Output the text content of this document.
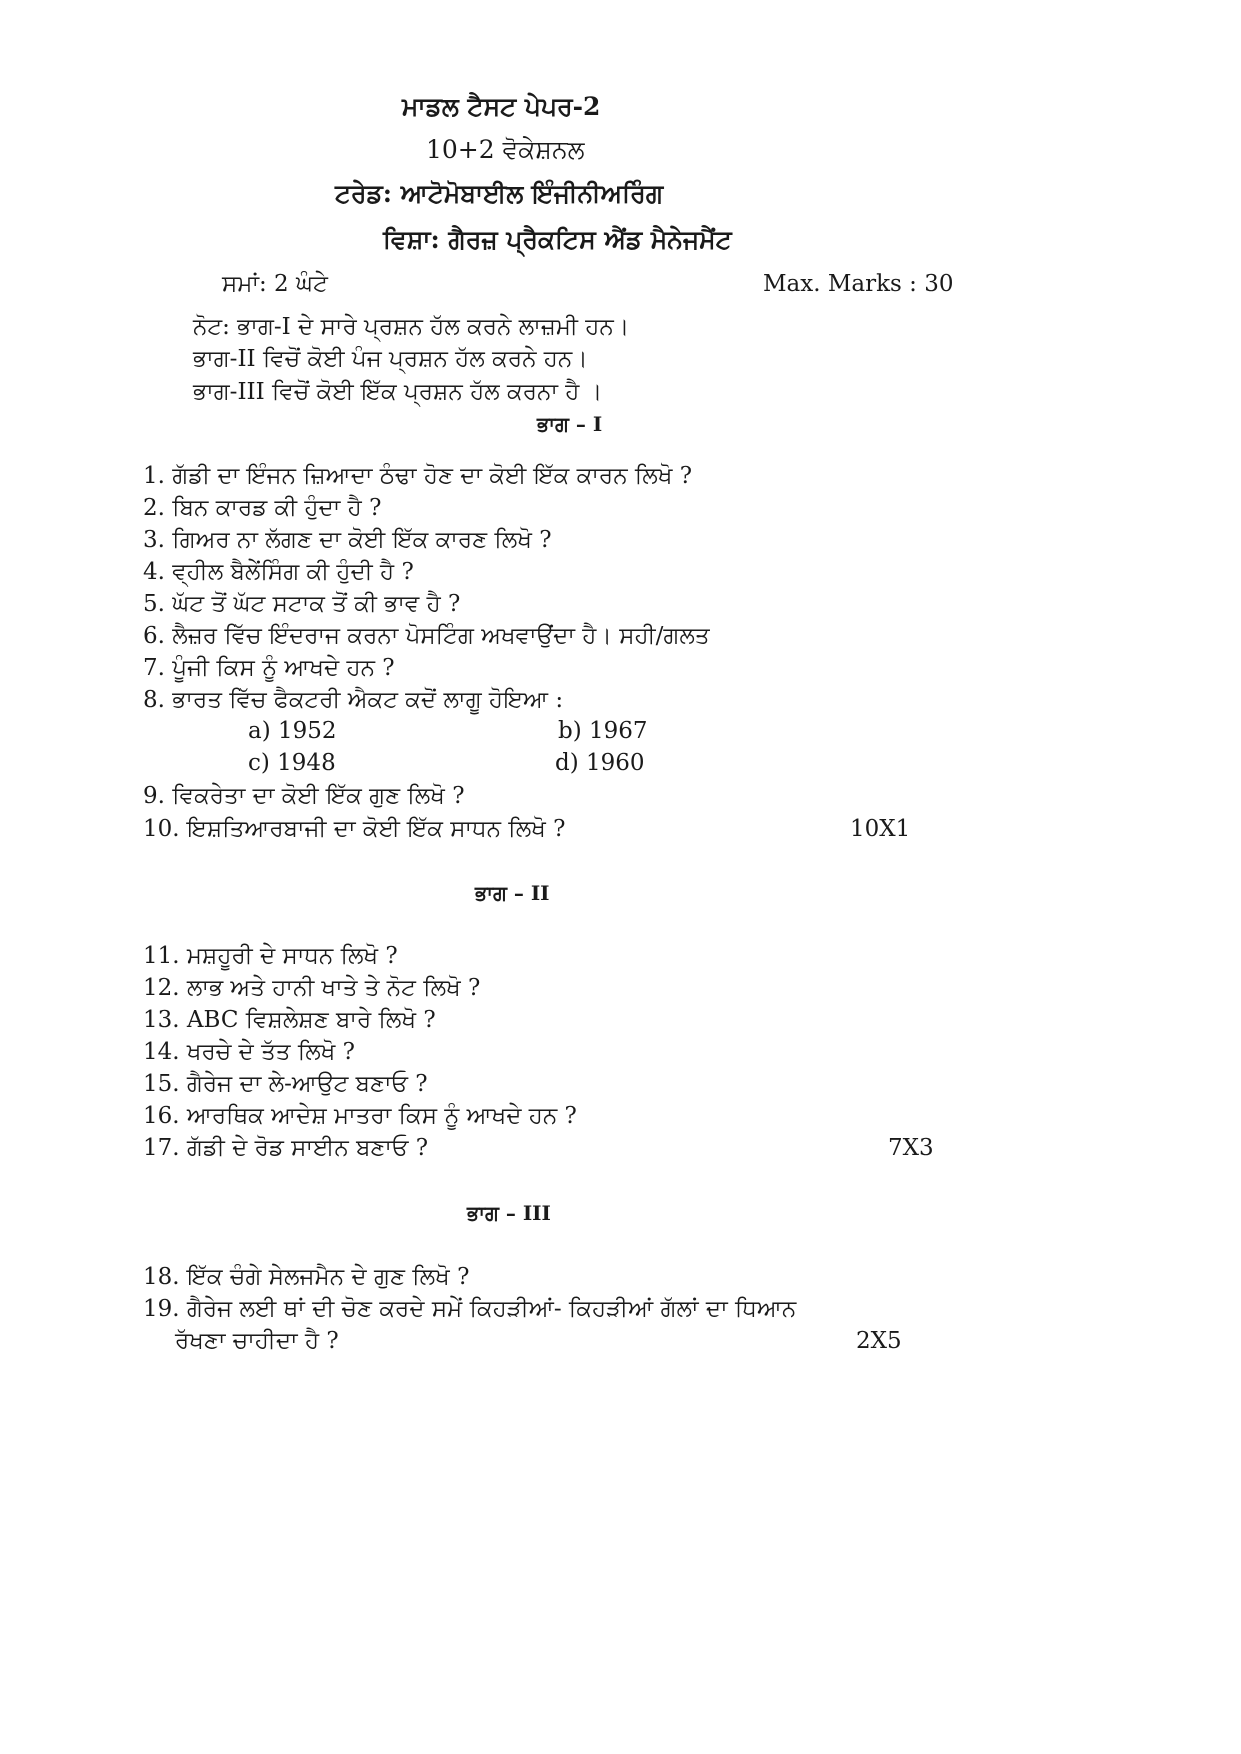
ਮਾਡਲ ਟੈਸਟ ਪੇਪਰ-2
10+2 ਵੋਕੇਸ਼ਨਲ
ਟਰੇਡ: ਆਟੋਮੋਬਾਈਲ ਇੰਜੀਨੀਅਰਿੰਗ
ਵਿਸ਼ਾ: ਗੈਰਜ਼ ਪ੍ਰੈਕਟਿਸ ਐਂਡ ਮੈਨੇਜਮੈਂਟ
ਸਮਾਂ: 2 ਘੰਟੇ	Max. Marks : 30
ਨੋਟ: ਭਾਗ-I ਦੇ ਸਾਰੇ ਪ੍ਰਸ਼ਨ ਹੱਲ ਕਰਨੇ ਲਾਜ਼ਮੀ ਹਨ।
ਭਾਗ-II ਵਿਚੋਂ ਕੋਈ ਪੰਜ ਪ੍ਰਸ਼ਨ ਹੱਲ ਕਰਨੇ ਹਨ।
ਭਾਗ-III ਵਿਚੋਂ ਕੋਈ ਇੱਕ ਪ੍ਰਸ਼ਨ ਹੱਲ ਕਰਨਾ ਹੈ ।
ਭਾਗ – I
1. ਗੱਡੀ ਦਾ ਇੰਜਨ ਜ਼ਿਆਦਾ ਠੰਢਾ ਹੋਣ ਦਾ ਕੋਈ ਇੱਕ ਕਾਰਨ ਲਿਖੋ ?
2. ਬਿਨ ਕਾਰਡ ਕੀ ਹੁੰਦਾ ਹੈ ?
3. ਗਿਅਰ ਨਾ ਲੱਗਣ ਦਾ ਕੋਈ ਇੱਕ ਕਾਰਣ ਲਿਖੋ ?
4. ਵ੍ਹੀਲ ਬੈਲੇਂਸਿੰਗ ਕੀ ਹੁੰਦੀ ਹੈ ?
5. ਘੱਟ ਤੋਂ ਘੱਟ ਸਟਾਕ ਤੋਂ ਕੀ ਭਾਵ ਹੈ ?
6. ਲੈਜ਼ਰ ਵਿੱਚ ਇੰਦਰਾਜ ਕਰਨਾ ਪੋਸਟਿੰਗ ਅਖਵਾਉਂਦਾ ਹੈ। ਸਹੀ/ਗਲਤ
7. ਪੂੰਜੀ ਕਿਸ ਨੂੰ ਆਖਦੇ ਹਨ ?
8. ਭਾਰਤ ਵਿੱਚ ਫੈਕਟਰੀ ਐਕਟ ਕਦੋਂ ਲਾਗੂ ਹੋਇਆ :
a) 1952	b) 1967
c) 1948	d) 1960
9. ਵਿਕਰੇਤਾ ਦਾ ਕੋਈ ਇੱਕ ਗੁਣ ਲਿਖੋ ?
10. ਇਸ਼ਤਿਆਰਬਾਜੀ ਦਾ ਕੋਈ ਇੱਕ ਸਾਧਨ ਲਿਖੋ ?	10X1
ਭਾਗ – II
11. ਮਸ਼ਹੂਰੀ ਦੇ ਸਾਧਨ ਲਿਖੋ ?
12. ਲਾਭ ਅਤੇ ਹਾਨੀ ਖਾਤੇ ਤੇ ਨੋਟ ਲਿਖੋ ?
13. ABC ਵਿਸ਼ਲੇਸ਼ਣ ਬਾਰੇ ਲਿਖੋ ?
14. ਖਰਚੇ ਦੇ ਤੱਤ ਲਿਖੋ ?
15. ਗੈਰੇਜ ਦਾ ਲੇ-ਆਉਟ ਬਣਾਓ ?
16. ਆਰਥਿਕ ਆਦੇਸ਼ ਮਾਤਰਾ ਕਿਸ ਨੂੰ ਆਖਦੇ ਹਨ ?
17. ਗੱਡੀ ਦੇ ਰੋਡ ਸਾਈਨ ਬਣਾਓ ?	7X3
ਭਾਗ – III
18. ਇੱਕ ਚੰਗੇ ਸੇਲਜਮੈਨ ਦੇ ਗੁਣ ਲਿਖੋ ?
19. ਗੈਰੇਜ ਲਈ ਥਾਂ ਦੀ ਚੋਣ ਕਰਦੇ ਸਮੇਂ ਕਿਹੜੀਆਂ- ਕਿਹੜੀਆਂ ਗੱਲਾਂ ਦਾ ਧਿਆਨ
ਰੱਖਣਾ ਚਾਹੀਦਾ ਹੈ ?	2X5
